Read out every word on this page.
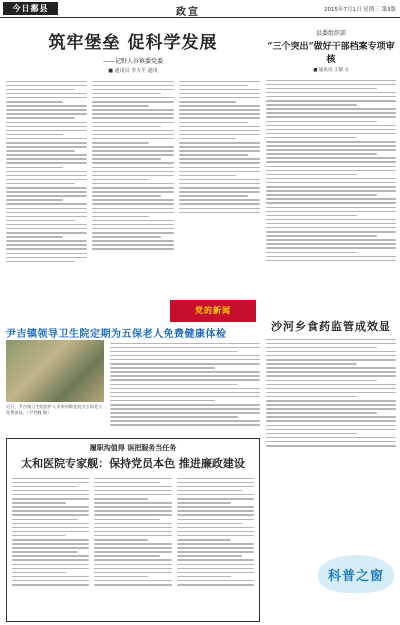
今日鄱县	政宣	2015年7月1日 星期三 第3版
筑牢堡垒 促科学发展
——记野人谷镇委党委
■ 通讯员 李大平 通讯
党的新闻
尹吉镇领导卫生院定期为五保老人免费健康体检
近日，尹吉镇卫生院医护人员来到敬老院为五保老人免费体检。（尹世峰 摄）
履职沟值得 误把服务当任务
太和医院专家舰：保持党员本色 推进廉政建设
县委组织部
“三个突出”做好干部档案专项审核
■ 通讯员 王郁 文
沙河乡食药监管成效显
科普之窗
